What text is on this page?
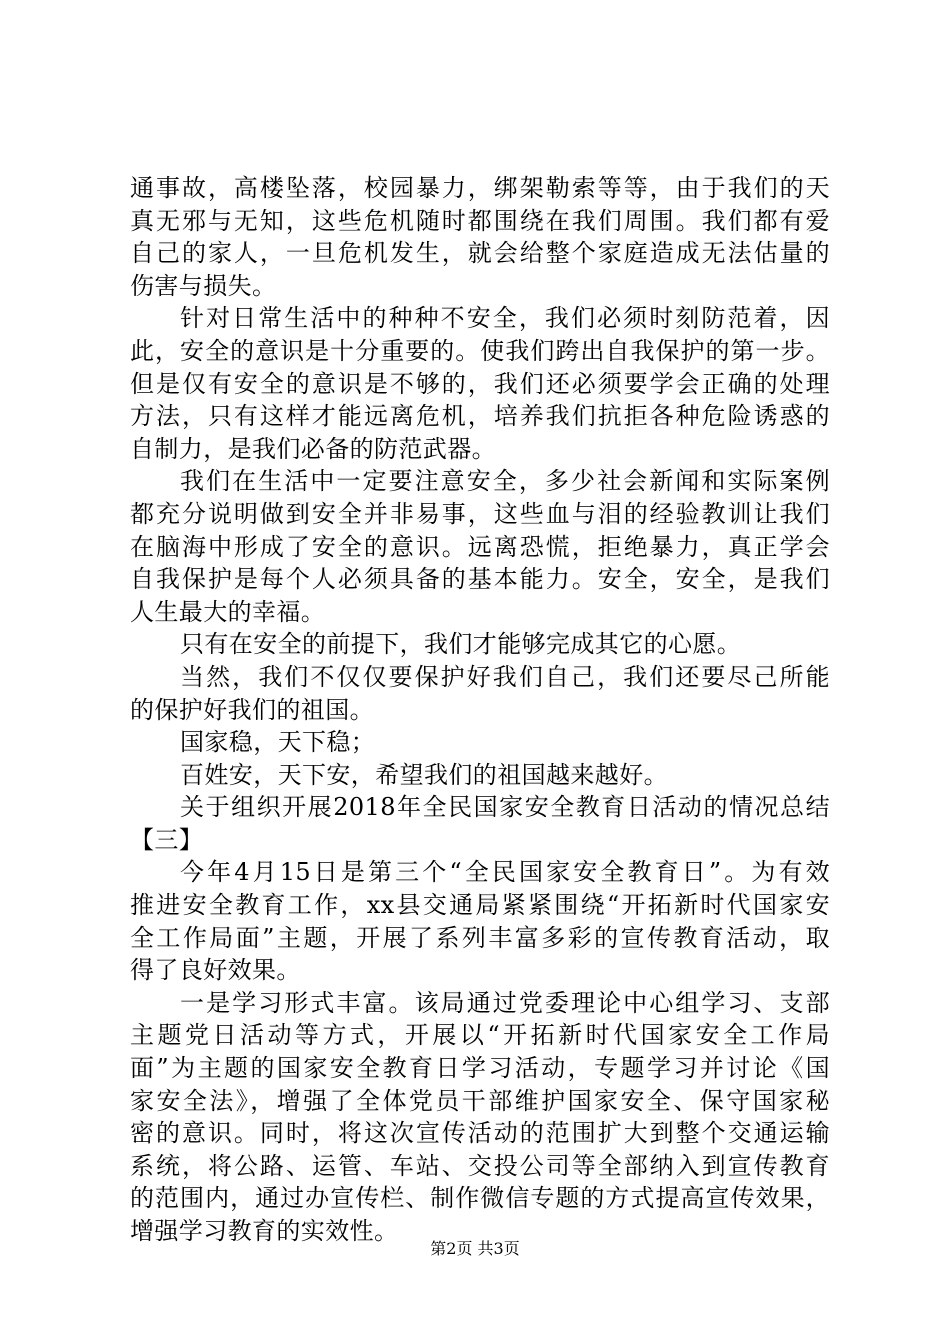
通事故，高楼坠落，校园暴力，绑架勒索等等，由于我们的天
真无邪与无知，这些危机随时都围绕在我们周围。我们都有爱
自己的家人，一旦危机发生，就会给整个家庭造成无法估量的
伤害与损失。
针对日常生活中的种种不安全，我们必须时刻防范着，因
此，安全的意识是十分重要的。使我们跨出自我保护的第一步。
但是仅有安全的意识是不够的，我们还必须要学会正确的处理
方法，只有这样才能远离危机，培养我们抗拒各种危险诱惑的
自制力，是我们必备的防范武器。
我们在生活中一定要注意安全，多少社会新闻和实际案例
都充分说明做到安全并非易事，这些血与泪的经验教训让我们
在脑海中形成了安全的意识。远离恐慌，拒绝暴力，真正学会
自我保护是每个人必须具备的基本能力。安全，安全，是我们
人生最大的幸福。
只有在安全的前提下，我们才能够完成其它的心愿。
当然，我们不仅仅要保护好我们自己，我们还要尽己所能
的保护好我们的祖国。
国家稳，天下稳；
百姓安，天下安，希望我们的祖国越来越好。
关于组织开展2018年全民国家安全教育日活动的情况总结
【三】
今年4月15日是第三个“全民国家安全教育日”。为有效
推进安全教育工作，xx县交通局紧紧围绕“开拓新时代国家安
全工作局面”主题，开展了系列丰富多彩的宣传教育活动，取
得了良好效果。
一是学习形式丰富。该局通过党委理论中心组学习、支部
主题党日活动等方式，开展以“开拓新时代国家安全工作局
面”为主题的国家安全教育日学习活动，专题学习并讨论《国
家安全法》，增强了全体党员干部维护国家安全、保守国家秘
密的意识。同时，将这次宣传活动的范围扩大到整个交通运输
系统，将公路、运管、车站、交投公司等全部纳入到宣传教育
的范围内，通过办宣传栏、制作微信专题的方式提高宣传效果，
增强学习教育的实效性。
第2页 共3页
